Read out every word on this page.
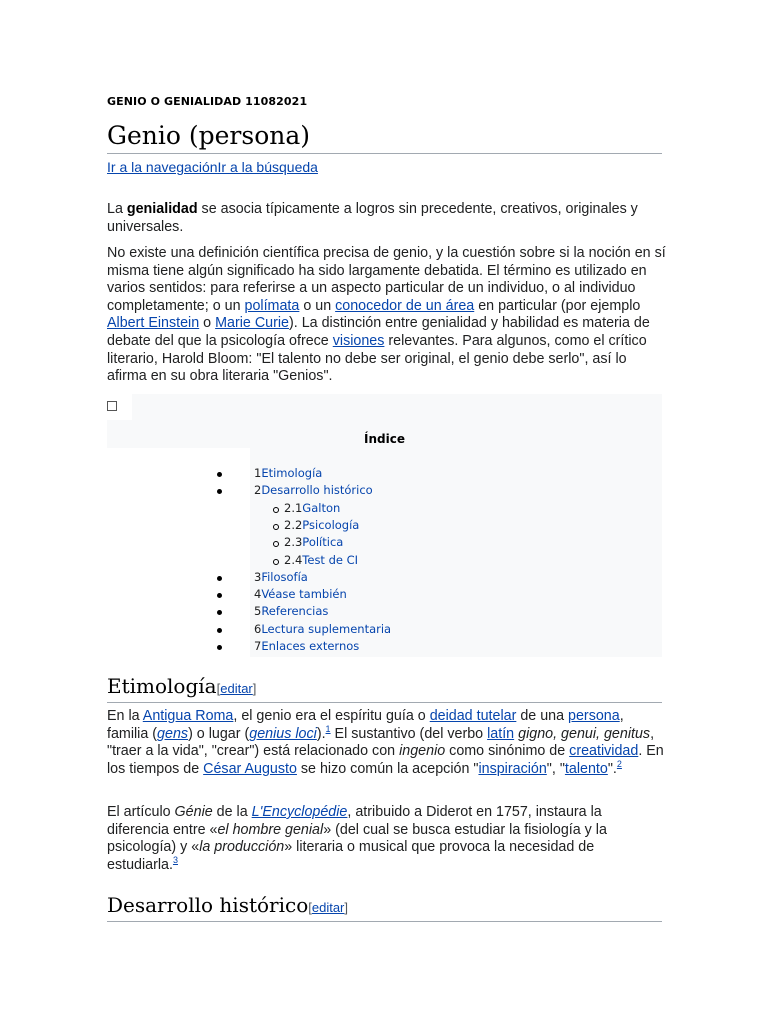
GENIO O GENIALIDAD 11082021
Genio (persona)
Ir a la navegaciónIr a la búsqueda
La genialidad se asocia típicamente a logros sin precedente, creativos, originales y universales.
No existe una definición científica precisa de genio, y la cuestión sobre si la noción en sí misma tiene algún significado ha sido largamente debatida. El término es utilizado en varios sentidos: para referirse a un aspecto particular de un individuo, o al individuo completamente; o un polímata o un conocedor de un área en particular (por ejemplo Albert Einstein o Marie Curie). La distinción entre genialidad y habilidad es materia de debate del que la psicología ofrece visiones relevantes. Para algunos, como el crítico literario, Harold Bloom: "El talento no debe ser original, el genio debe serlo", así lo afirma en su obra literaria "Genios".
Índice
1Etimología
2Desarrollo histórico
2.1Galton
2.2Psicología
2.3Política
2.4Test de CI
3Filosofía
4Véase también
5Referencias
6Lectura suplementaria
7Enlaces externos
Etimología[editar]
En la Antigua Roma, el genio era el espíritu guía o deidad tutelar de una persona, familia (gens) o lugar (genius loci).$^1$ El sustantivo (del verbo latín gigno, genui, genitus, "traer a la vida", "crear") está relacionado con ingenio como sinónimo de creatividad. En los tiempos de César Augusto se hizo común la acepción "inspiración", "talento".$^2$
El artículo Génie de la L'Encyclopédie, atribuido a Diderot en 1757, instaura la diferencia entre «el hombre genial» (del cual se busca estudiar la fisiología y la psicología) y «la producción» literaria o musical que provoca la necesidad de estudiarla.$^3$
Desarrollo histórico[editar]
